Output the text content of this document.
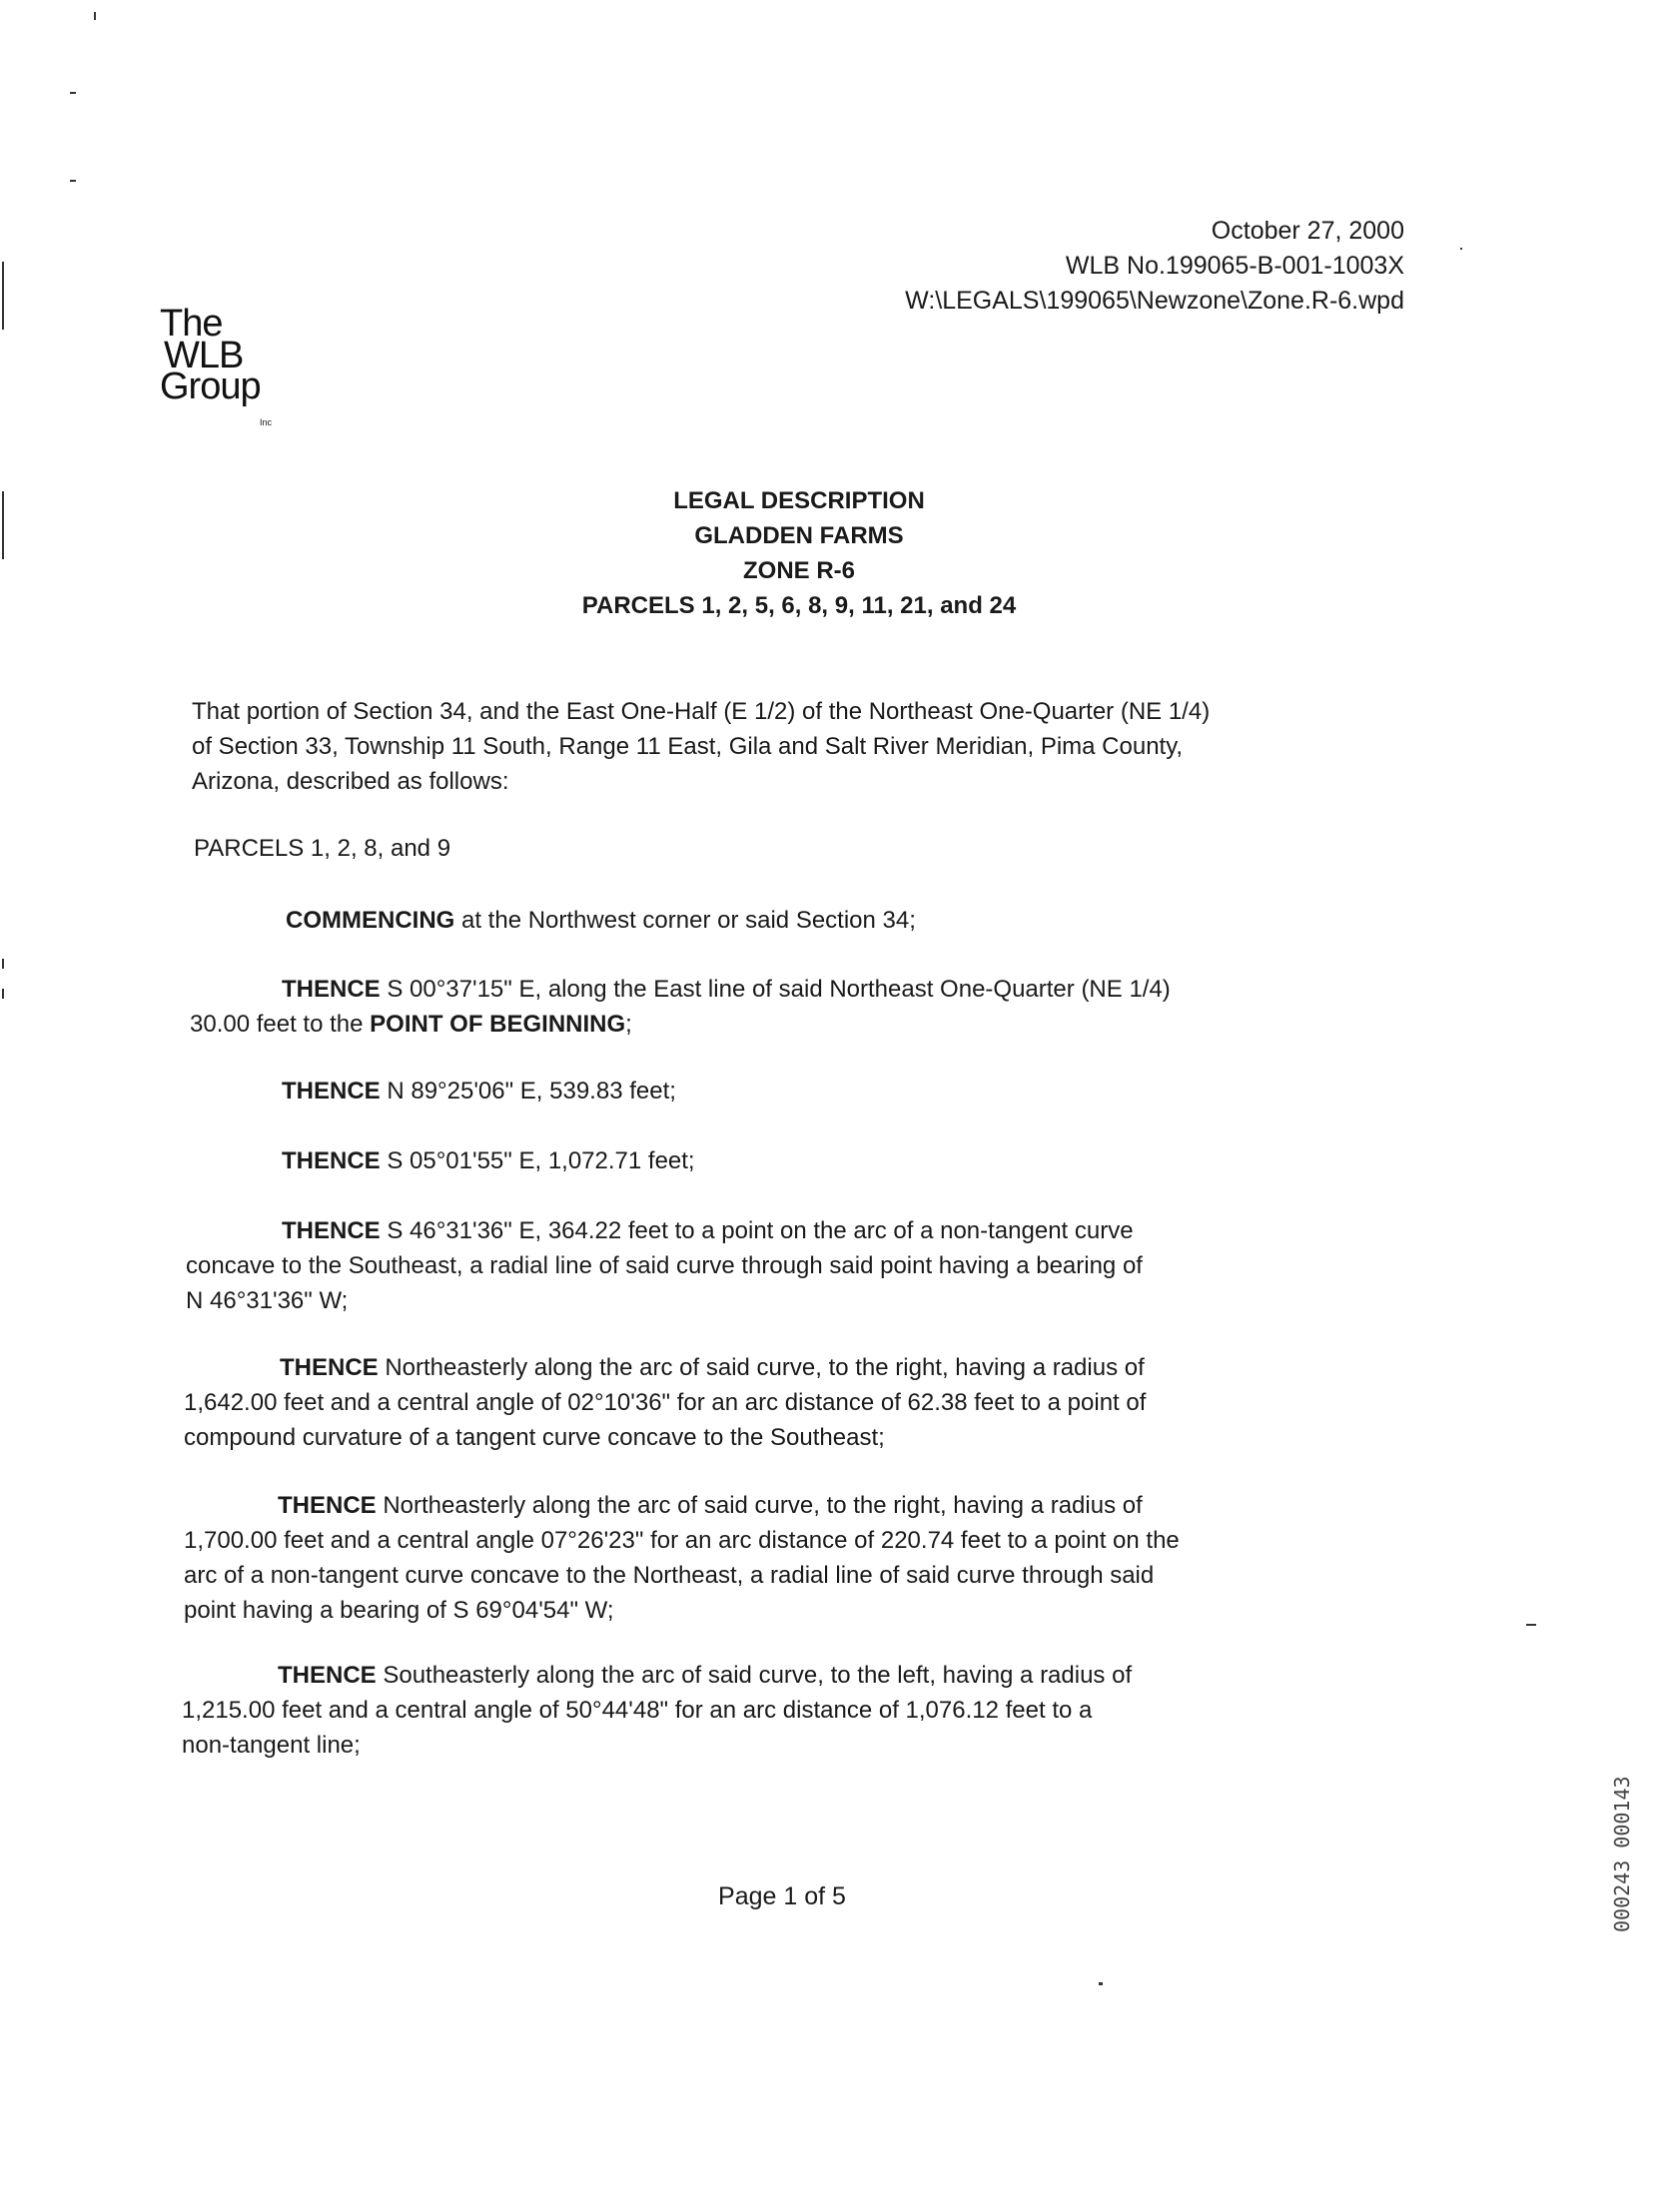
October 27, 2000
WLB No.199065-B-001-1003X
W:\LEGALS\199065\Newzone\Zone.R-6.wpd
The
WLB
Group
Inc
LEGAL DESCRIPTION
GLADDEN FARMS
ZONE R-6
PARCELS 1, 2, 5, 6, 8, 9, 11, 21, and 24
That portion of Section 34, and the East One-Half (E 1/2) of the Northeast One-Quarter (NE 1/4)
of Section 33, Township 11 South, Range 11 East, Gila and Salt River Meridian, Pima County,
Arizona, described as follows:
PARCELS 1, 2, 8, and 9
COMMENCING at the Northwest corner or said Section 34;
THENCE S 00°37'15" E, along the East line of said Northeast One-Quarter (NE 1/4)
30.00 feet to the POINT OF BEGINNING;
THENCE N 89°25'06" E, 539.83 feet;
THENCE S 05°01'55" E, 1,072.71 feet;
THENCE S 46°31'36" E, 364.22 feet to a point on the arc of a non-tangent curve
concave to the Southeast, a radial line of said curve through said point having a bearing of
N 46°31'36" W;
THENCE Northeasterly along the arc of said curve, to the right, having a radius of
1,642.00 feet and a central angle of 02°10'36" for an arc distance of 62.38 feet to a point of
compound curvature of a tangent curve concave to the Southeast;
THENCE Northeasterly along the arc of said curve, to the right, having a radius of
1,700.00 feet and a central angle 07°26'23" for an arc distance of 220.74 feet to a point on the
arc of a non-tangent curve concave to the Northeast, a radial line of said curve through said
point having a bearing of S 69°04'54" W;
THENCE Southeasterly along the arc of said curve, to the left, having a radius of
1,215.00 feet and a central angle of 50°44'48" for an arc distance of 1,076.12 feet to a
non-tangent line;
Page 1 of 5	000243 000143
